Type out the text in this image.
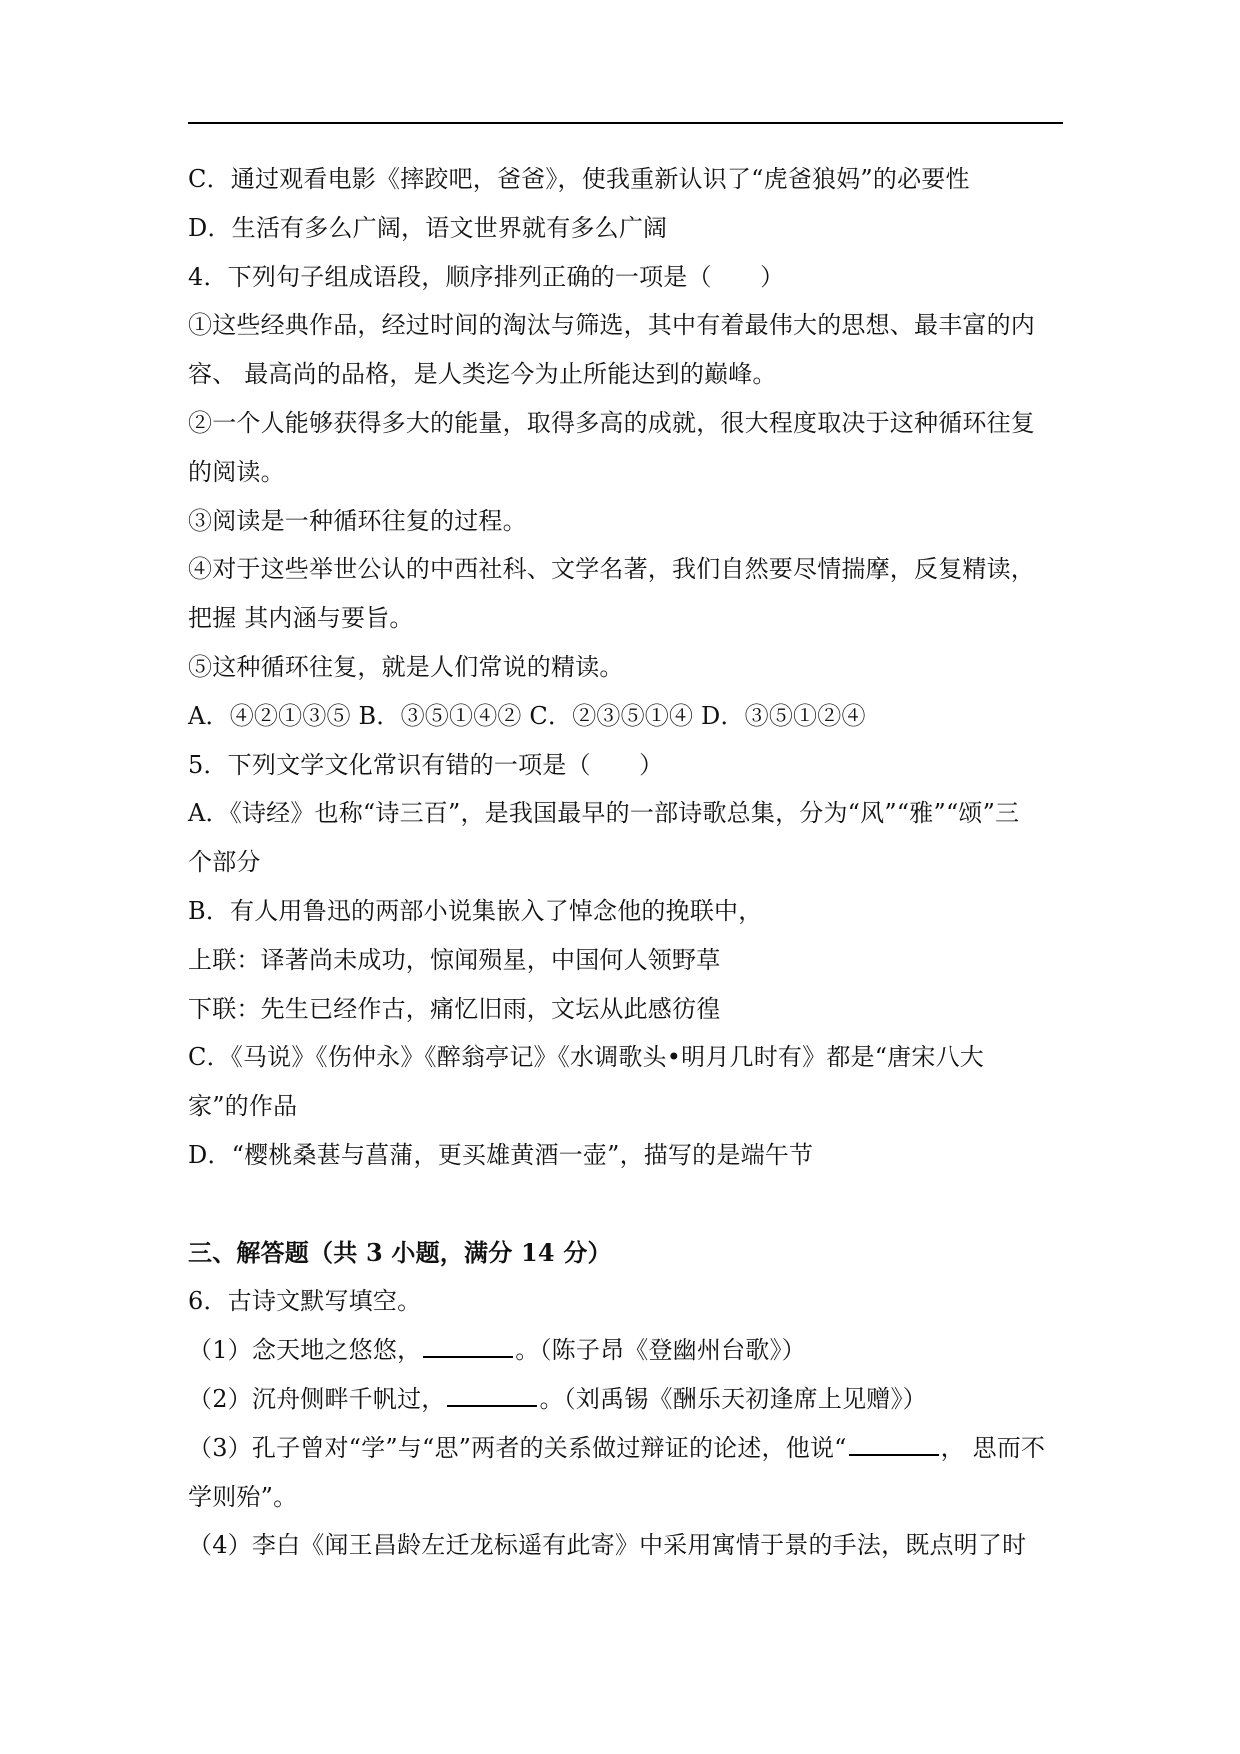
C．通过观看电影《摔跤吧，爸爸》，使我重新认识了“虎爸狼妈”的必要性
D．生活有多么广阔，语文世界就有多么广阔
4．下列句子组成语段，顺序排列正确的一项是（　　）
①这些经典作品，经过时间的淘汰与筛选，其中有着最伟大的思想、最丰富的内
容、 最高尚的品格，是人类迄今为止所能达到的巅峰。
②一个人能够获得多大的能量，取得多高的成就，很大程度取决于这种循环往复
的阅读。
③阅读是一种循环往复的过程。
④对于这些举世公认的中西社科、文学名著，我们自然要尽情揣摩，反复精读，
把握 其内涵与要旨。
⑤这种循环往复，就是人们常说的精读。
A．④②①③⑤ B．③⑤①④② C．②③⑤①④ D．③⑤①②④
5．下列文学文化常识有错的一项是（　　）
A．《诗经》也称“诗三百”，是我国最早的一部诗歌总集，分为“风”“雅”“颂”三
个部分
B．有人用鲁迅的两部小说集嵌入了悼念他的挽联中，
上联：译著尚未成功，惊闻殒星，中国何人领野草
下联：先生已经作古，痛忆旧雨，文坛从此感彷徨
C．《马说》《伤仲永》《醉翁亭记》《水调歌头•明月几时有》都是“唐宋八大
家”的作品
D．“樱桃桑葚与菖蒲，更买雄黄酒一壶”，描写的是端午节
三、解答题（共 3 小题，满分 14 分）
6．古诗文默写填空。
（1）念天地之悠悠，	。（陈子昂《登幽州台歌》）
（2）沉舟侧畔千帆过，	。（刘禹锡《酬乐天初逢席上见赠》）
（3）孔子曾对“学”与“思”两者的关系做过辩证的论述，他说“	， 思而不
学则殆”。
（4）李白《闻王昌龄左迁龙标遥有此寄》中采用寓情于景的手法，既点明了时
